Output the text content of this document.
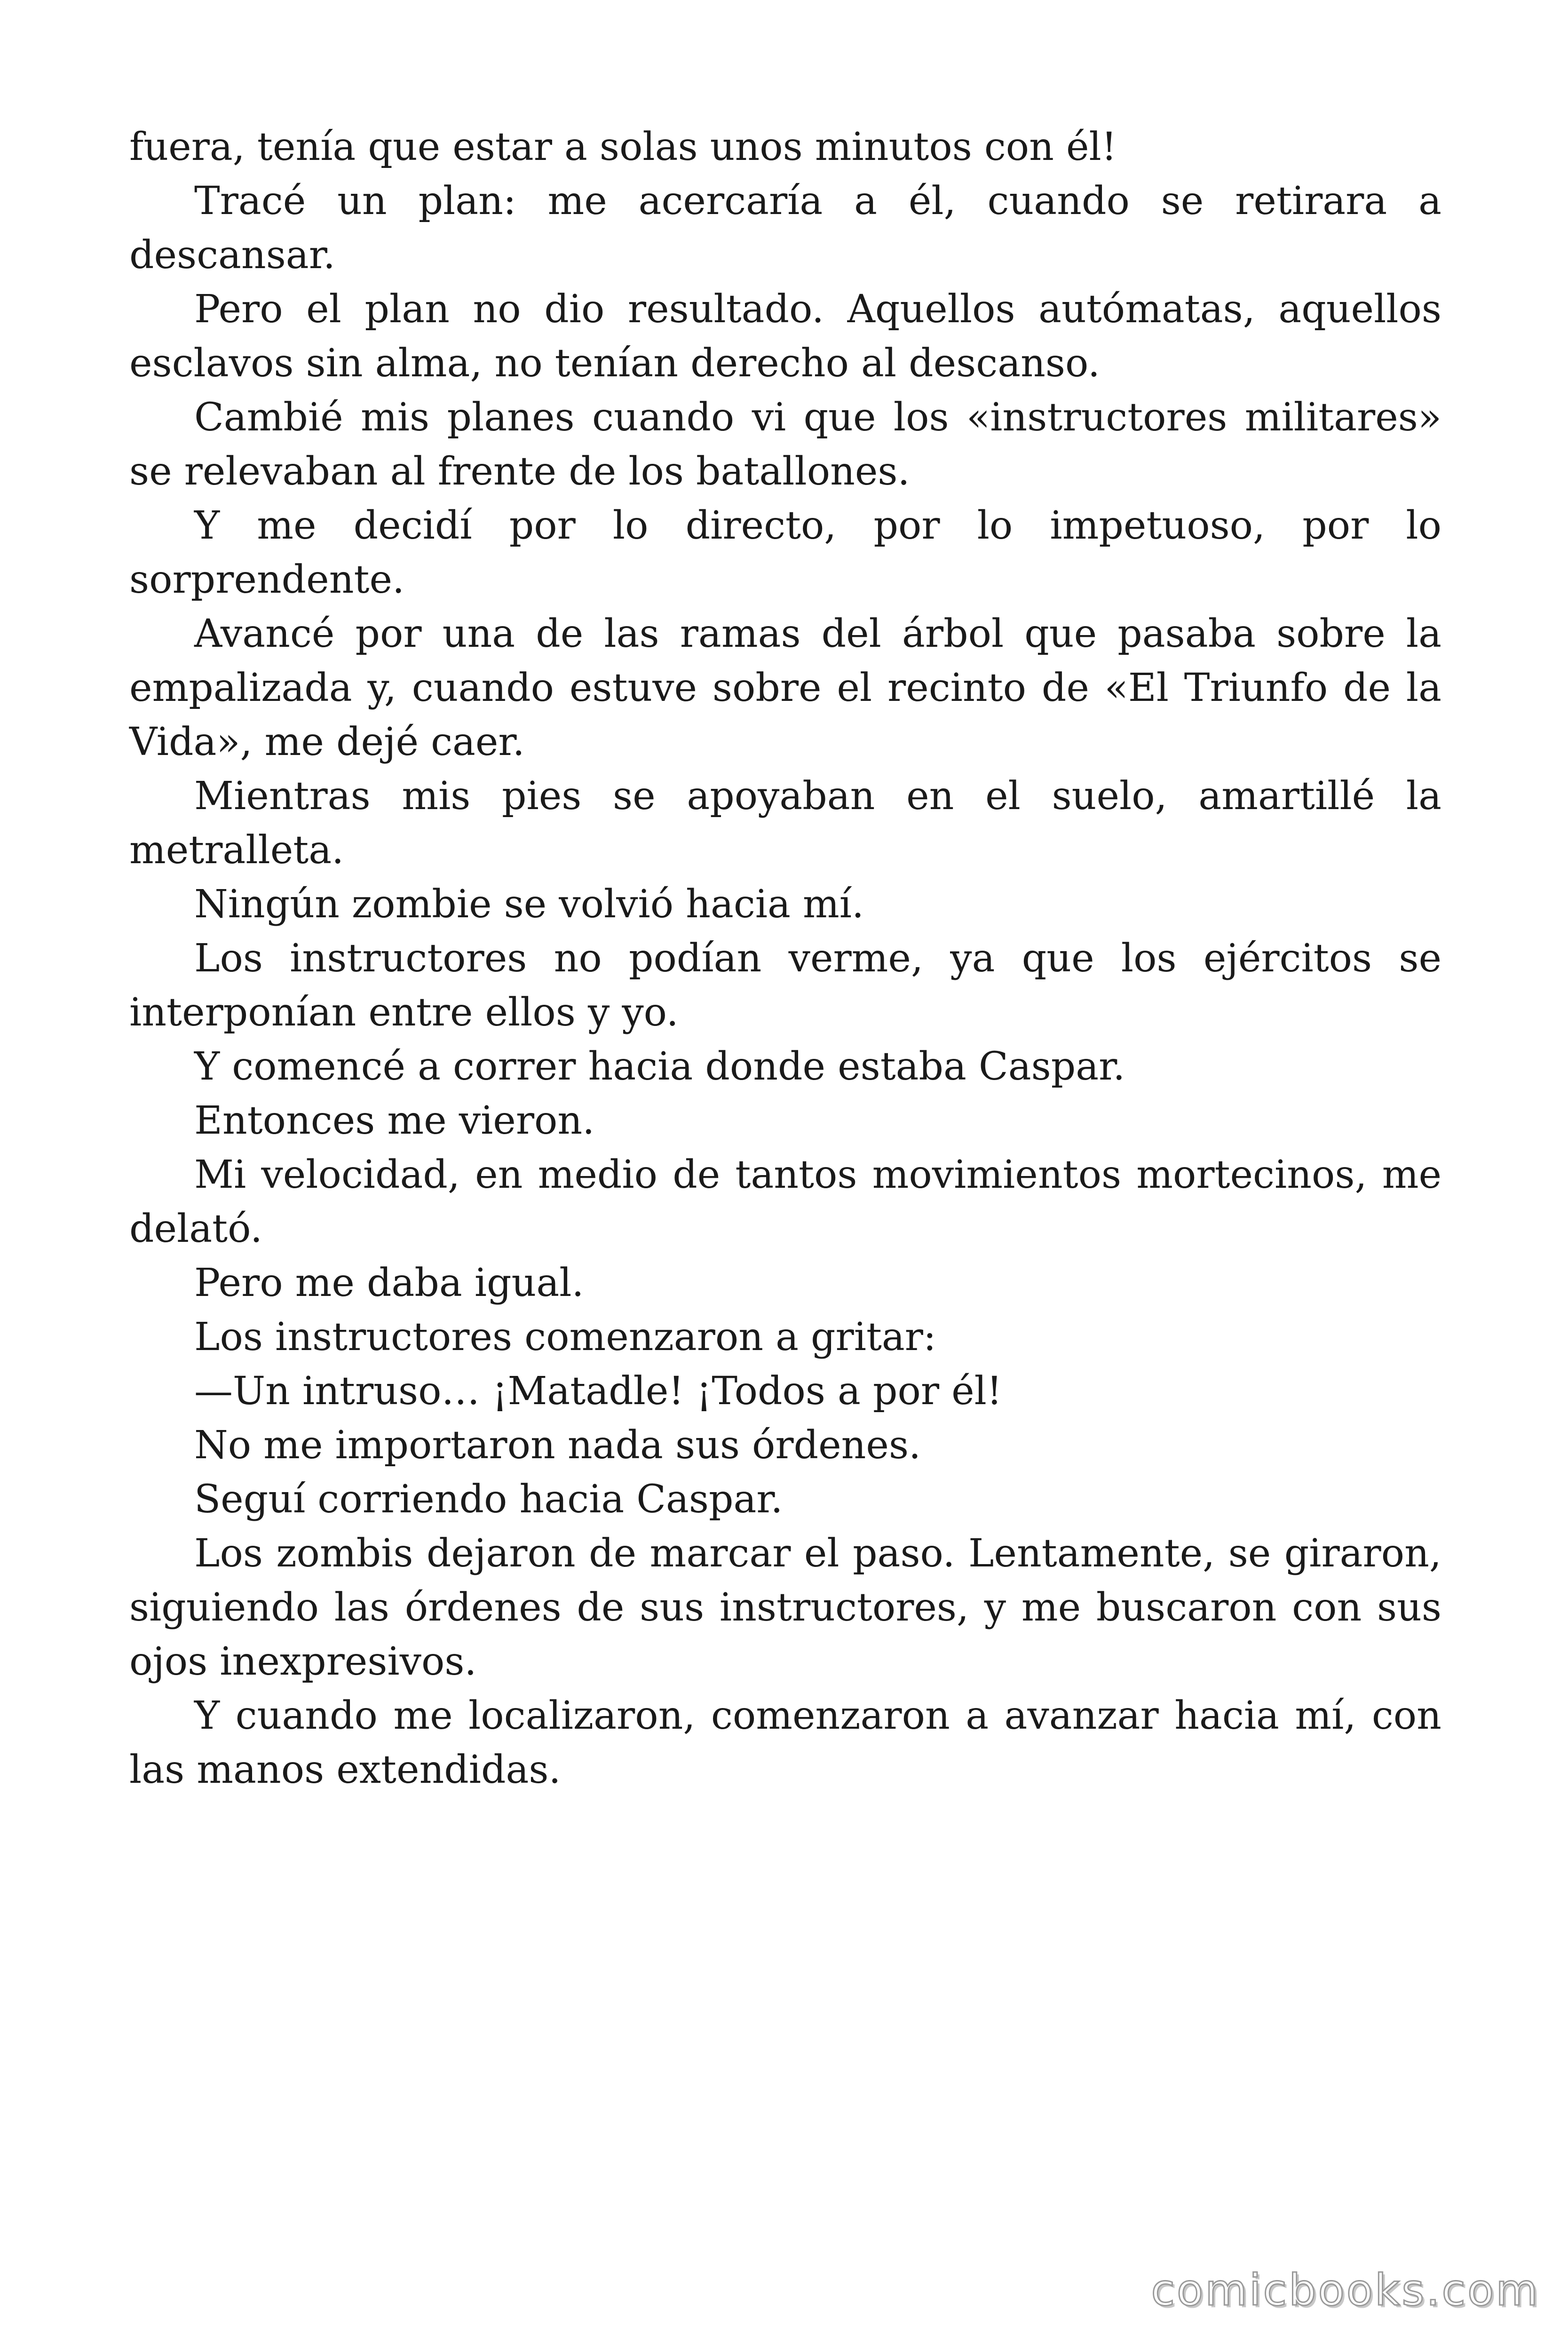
fuera, tenía que estar a solas unos minutos con él!

Tracé un plan: me acercaría a él, cuando se retirara a descansar.

Pero el plan no dio resultado. Aquellos autómatas, aquellos esclavos sin alma, no tenían derecho al descanso.

Cambié mis planes cuando vi que los «instructores militares» se relevaban al frente de los batallones.

Y me decidí por lo directo, por lo impetuoso, por lo sorprendente.

Avancé por una de las ramas del árbol que pasaba sobre la empalizada y, cuando estuve sobre el recinto de «El Triunfo de la Vida», me dejé caer.

Mientras mis pies se apoyaban en el suelo, amartillé la metralleta.

Ningún zombie se volvió hacia mí.

Los instructores no podían verme, ya que los ejércitos se interponían entre ellos y yo.

Y comencé a correr hacia donde estaba Caspar.

Entonces me vieron.

Mi velocidad, en medio de tantos movimientos mortecinos, me delató.

Pero me daba igual.

Los instructores comenzaron a gritar:

—Un intruso… ¡Matadle! ¡Todos a por él!

No me importaron nada sus órdenes.

Seguí corriendo hacia Caspar.

Los zombis dejaron de marcar el paso. Lentamente, se giraron, siguiendo las órdenes de sus instructores, y me buscaron con sus ojos inexpresivos.

Y cuando me localizaron, comenzaron a avanzar hacia mí, con las manos extendidas.

comicbooks.com
